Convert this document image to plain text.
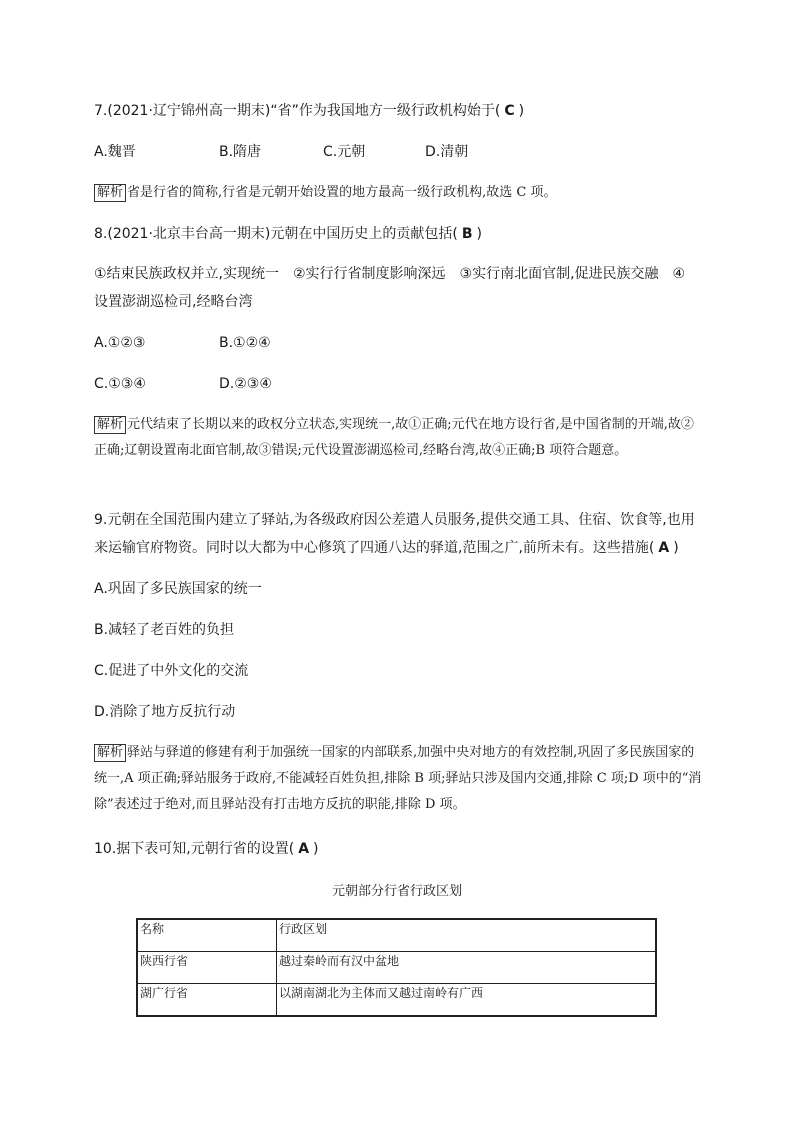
7.(2021·辽宁锦州高一期末)“省”作为我国地方一级行政机构始于( C )
A.魏晋	B.隋唐	C.元朝	D.清朝
解析 省是行省的简称,行省是元朝开始设置的地方最高一级行政机构,故选 C 项。
8.(2021·北京丰台高一期末)元朝在中国历史上的贡献包括( B )
①结束民族政权并立,实现统一　②实行行省制度影响深远　③实行南北面官制,促进民族交融　④
设置澎湖巡检司,经略台湾
A.①②③	B.①②④
C.①③④	D.②③④
解析 元代结束了长期以来的政权分立状态,实现统一,故①正确;元代在地方设行省,是中国省制的开端,故②正确;辽朝设置南北面官制,故③错误;元代设置澎湖巡检司,经略台湾,故④正确;B 项符合题意。
9.元朝在全国范围内建立了驿站,为各级政府因公差遣人员服务,提供交通工具、住宿、饮食等,也用
来运输官府物资。同时以大都为中心修筑了四通八达的驿道,范围之广,前所未有。这些措施( A )
A.巩固了多民族国家的统一
B.减轻了老百姓的负担
C.促进了中外文化的交流
D.消除了地方反抗行动
解析 驿站与驿道的修建有利于加强统一国家的内部联系,加强中央对地方的有效控制,巩固了多民族国家的统一,A 项正确;驿站服务于政府,不能减轻百姓负担,排除 B 项;驿站只涉及国内交通,排除 C 项;D 项中的“消除”表述过于绝对,而且驿站没有打击地方反抗的职能,排除 D 项。
10.据下表可知,元朝行省的设置( A )
元朝部分行省行政区划
名称	行政区划
陕西行省	越过秦岭而有汉中盆地
湖广行省	以湖南湖北为主体而又越过南岭有广西
